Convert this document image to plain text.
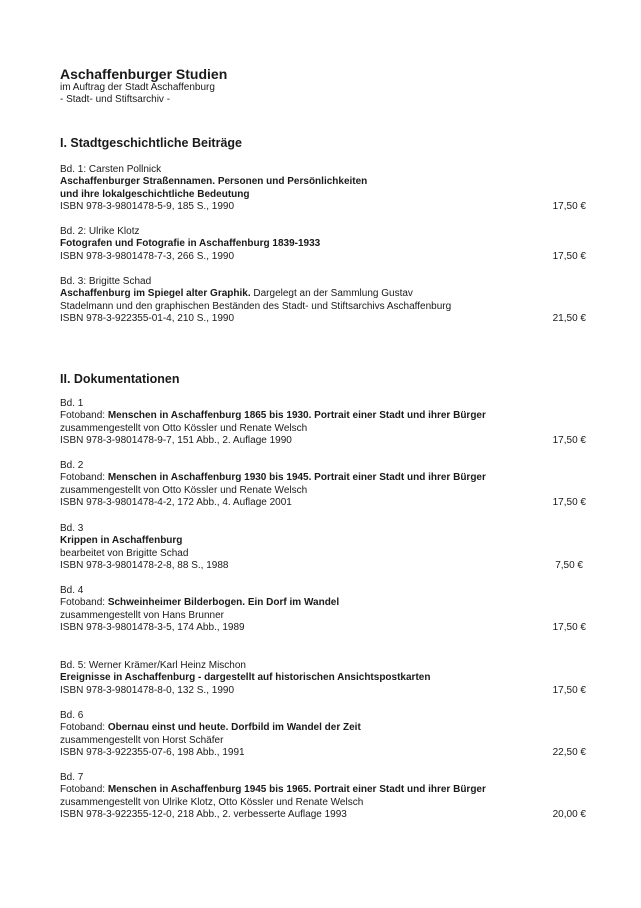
Aschaffenburger Studien
im Auftrag der Stadt Aschaffenburg
- Stadt- und Stiftsarchiv -
I. Stadtgeschichtliche Beiträge
Bd. 1: Carsten Pollnick
Aschaffenburger Straßennamen. Personen und Persönlichkeiten
und ihre lokalgeschichtliche Bedeutung
ISBN 978-3-9801478-5-9, 185 S., 1990	17,50 €
Bd. 2: Ulrike Klotz
Fotografen und Fotografie in Aschaffenburg 1839-1933
ISBN 978-3-9801478-7-3, 266 S., 1990	17,50 €
Bd. 3: Brigitte Schad
Aschaffenburg im Spiegel alter Graphik. Dargelegt an der Sammlung Gustav
Stadelmann und den graphischen Beständen des Stadt- und Stiftsarchivs Aschaffenburg
ISBN 978-3-922355-01-4, 210 S., 1990	21,50 €
II. Dokumentationen
Bd. 1
Fotoband: Menschen in Aschaffenburg 1865 bis 1930. Portrait einer Stadt und ihrer Bürger
zusammengestellt von Otto Kössler und Renate Welsch
ISBN 978-3-9801478-9-7, 151 Abb., 2. Auflage 1990	17,50 €
Bd. 2
Fotoband: Menschen in Aschaffenburg 1930 bis 1945. Portrait einer Stadt und ihrer Bürger
zusammengestellt von Otto Kössler und Renate Welsch
ISBN 978-3-9801478-4-2, 172 Abb., 4. Auflage 2001	17,50 €
Bd. 3
Krippen in Aschaffenburg
bearbeitet von Brigitte Schad
ISBN 978-3-9801478-2-8, 88 S., 1988	7,50 €
Bd. 4
Fotoband: Schweinheimer Bilderbogen. Ein Dorf im Wandel
zusammengestellt von Hans Brunner
ISBN 978-3-9801478-3-5, 174 Abb., 1989	17,50 €
Bd. 5: Werner Krämer/Karl Heinz Mischon
Ereignisse in Aschaffenburg - dargestellt auf historischen Ansichtspostkarten
ISBN 978-3-9801478-8-0, 132 S., 1990	17,50 €
Bd. 6
Fotoband: Obernau einst und heute. Dorfbild im Wandel der Zeit
zusammengestellt von Horst Schäfer
ISBN 978-3-922355-07-6, 198 Abb., 1991	22,50 €
Bd. 7
Fotoband: Menschen in Aschaffenburg 1945 bis 1965. Portrait einer Stadt und ihrer Bürger
zusammengestellt von Ulrike Klotz, Otto Kössler und Renate Welsch
ISBN 978-3-922355-12-0, 218 Abb., 2. verbesserte Auflage 1993	20,00 €
